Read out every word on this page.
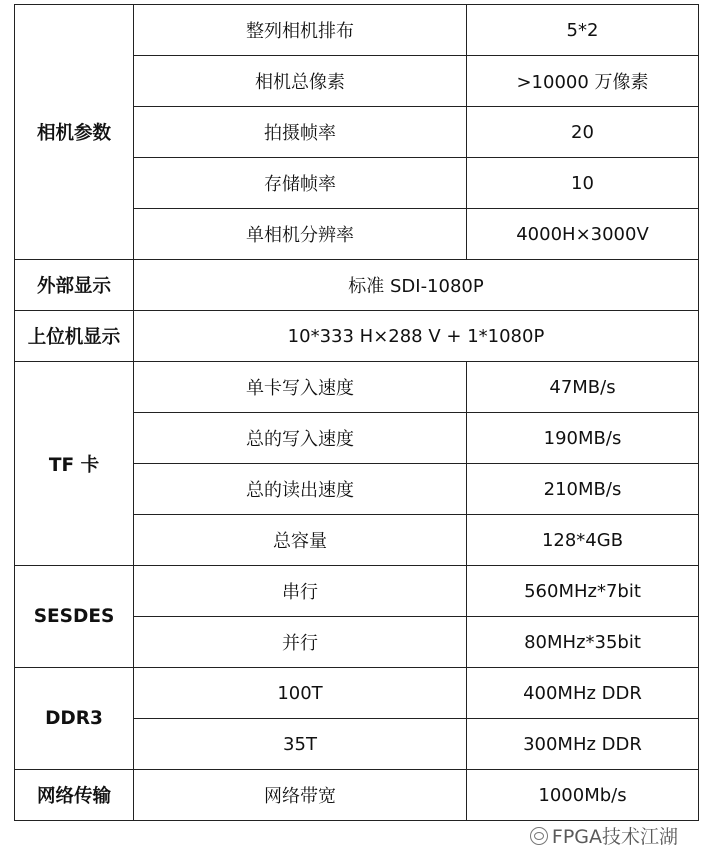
相机参数	整列相机排布	5*2
	相机总像素	>10000 万像素
	拍摄帧率	20
	存储帧率	10
	单相机分辨率	4000H×3000V
外部显示	标准 SDI-1080P	
上位机显示	10*333 H×288 V + 1*1080P	
TF 卡	单卡写入速度	47MB/s
	总的写入速度	190MB/s
	总的读出速度	210MB/s
	总容量	128*4GB
SESDES	串行	560MHz*7bit
	并行	80MHz*35bit
DDR3	100T	400MHz DDR
	35T	300MHz DDR
网络传输	网络带宽	1000Mb/s
FPGA技术江湖
